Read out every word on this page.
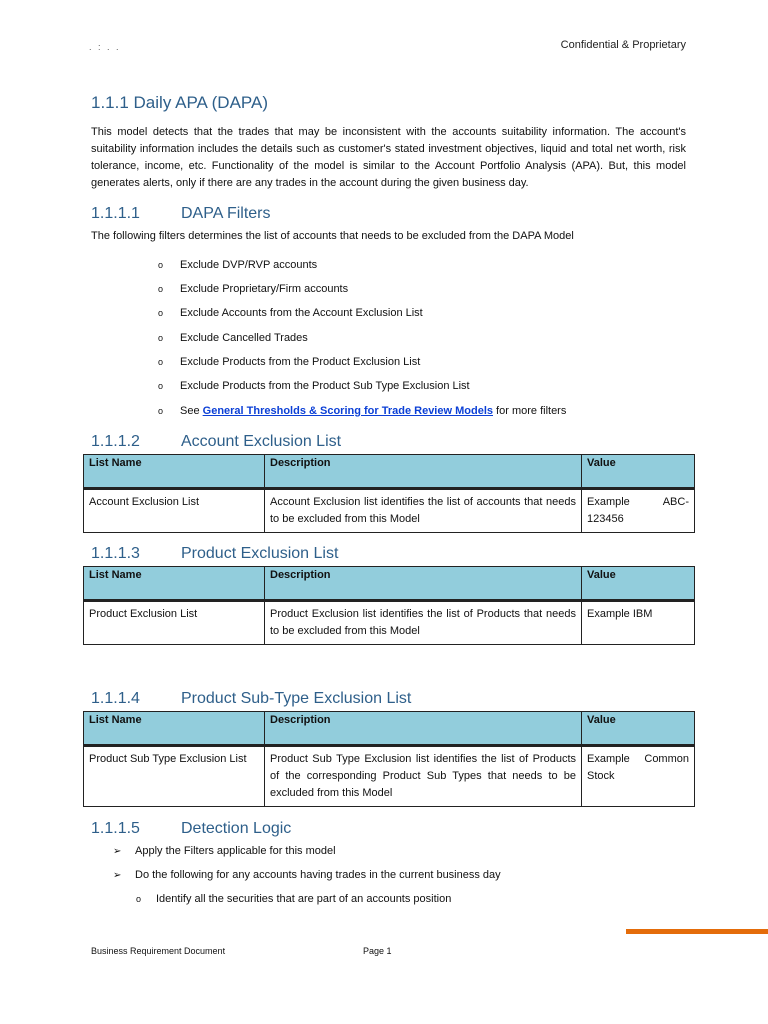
. : . .	Confidential & Proprietary
1.1.1 Daily APA (DAPA)
This model detects that the trades that may be inconsistent with the accounts suitability information. The account's suitability information includes the details such as customer's stated investment objectives, liquid and total net worth, risk tolerance, income, etc. Functionality of the model is similar to the Account Portfolio Analysis (APA). But, this model generates alerts, only if there are any trades in the account during the given business day.
1.1.1.1	DAPA Filters
The following filters determines the list of accounts that needs to be excluded from the DAPA Model
o Exclude DVP/RVP accounts
o Exclude Proprietary/Firm accounts
o Exclude Accounts from the Account Exclusion List
o Exclude Cancelled Trades
o Exclude Products from the Product Exclusion List
o Exclude Products from the Product Sub Type Exclusion List
o See General Thresholds & Scoring for Trade Review Models for more filters
1.1.1.2	Account Exclusion List
List Name	Description	Value
Account Exclusion List	Account Exclusion list identifies the list of accounts that needs to be excluded from this Model	Example ABC-123456
1.1.1.3	Product Exclusion List
List Name	Description	Value
Product Exclusion List	Product Exclusion list identifies the list of Products that needs to be excluded from this Model	Example IBM
1.1.1.4	Product Sub-Type Exclusion List
List Name	Description	Value
Product Sub Type Exclusion List	Product Sub Type Exclusion list identifies the list of Products of the corresponding Product Sub Types that needs to be excluded from this Model	Example Common Stock
1.1.1.5	Detection Logic
➢ Apply the Filters applicable for this model
➢ Do the following for any accounts having trades in the current business day
o Identify all the securities that are part of an accounts position
Business Requirement Document	Page 1
